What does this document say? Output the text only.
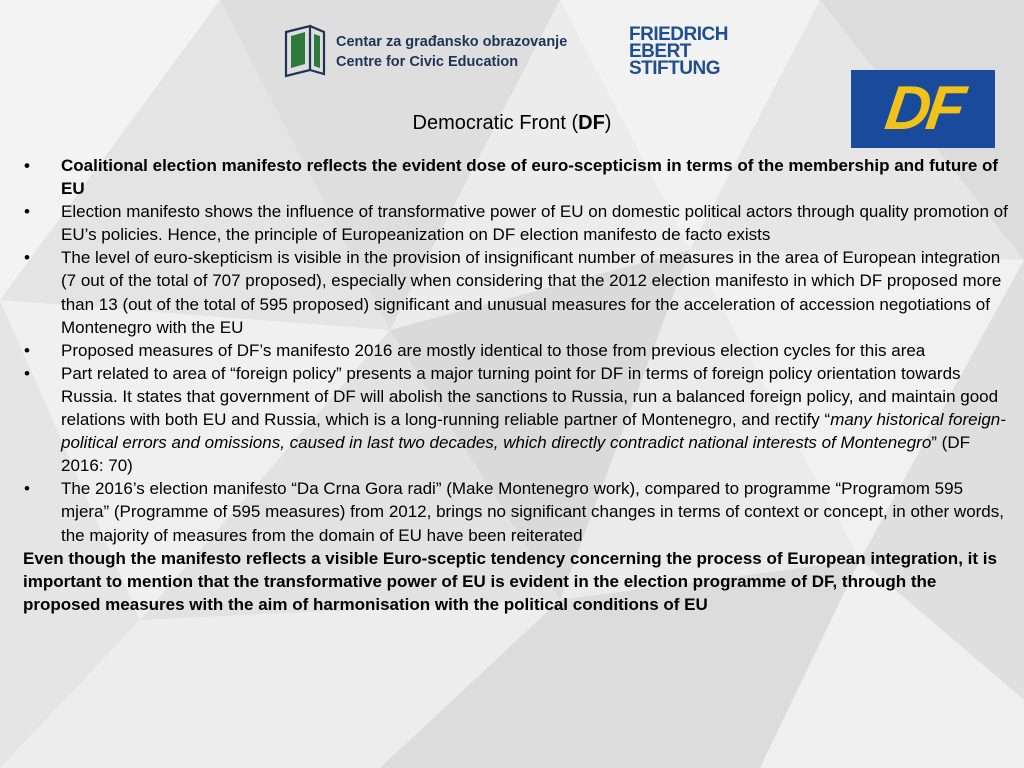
Centar za građansko obrazovanje
Centre for Civic Education
FRIEDRICH
EBERT
STIFTUNG
DF
Democratic Front (DF)
• Coalitional election manifesto reflects the evident dose of euro-scepticism in terms of the membership and future of EU
• Election manifesto shows the influence of transformative power of EU on domestic political actors through quality promotion of EU’s policies. Hence, the principle of Europeanization on DF election manifesto de facto exists
• The level of euro-skepticism is visible in the provision of insignificant number of measures in the area of European integration (7 out of the total of 707 proposed), especially when considering that the 2012 election manifesto in which DF proposed more than 13 (out of the total of 595 proposed) significant and unusual measures for the acceleration of accession negotiations of Montenegro with the EU
• Proposed measures of DF’s manifesto 2016 are mostly identical to those from previous election cycles for this area
• Part related to area of “foreign policy” presents a major turning point for DF in terms of foreign policy orientation towards Russia. It states that government of DF will abolish the sanctions to Russia, run a balanced foreign policy, and maintain good relations with both EU and Russia, which is a long-running reliable partner of Montenegro, and rectify “many historical foreign-political errors and omissions, caused in last two decades, which directly contradict national interests of Montenegro” (DF 2016: 70)
• The 2016’s election manifesto “Da Crna Gora radi” (Make Montenegro work), compared to programme “Programom 595 mjera” (Programme of 595 measures) from 2012, brings no significant changes in terms of context or concept, in other words, the majority of measures from the domain of EU have been reiterated

Even though the manifesto reflects a visible Euro-sceptic tendency concerning the process of European integration, it is important to mention that the transformative power of EU is evident in the election programme of DF, through the proposed measures with the aim of harmonisation with the political conditions of EU
